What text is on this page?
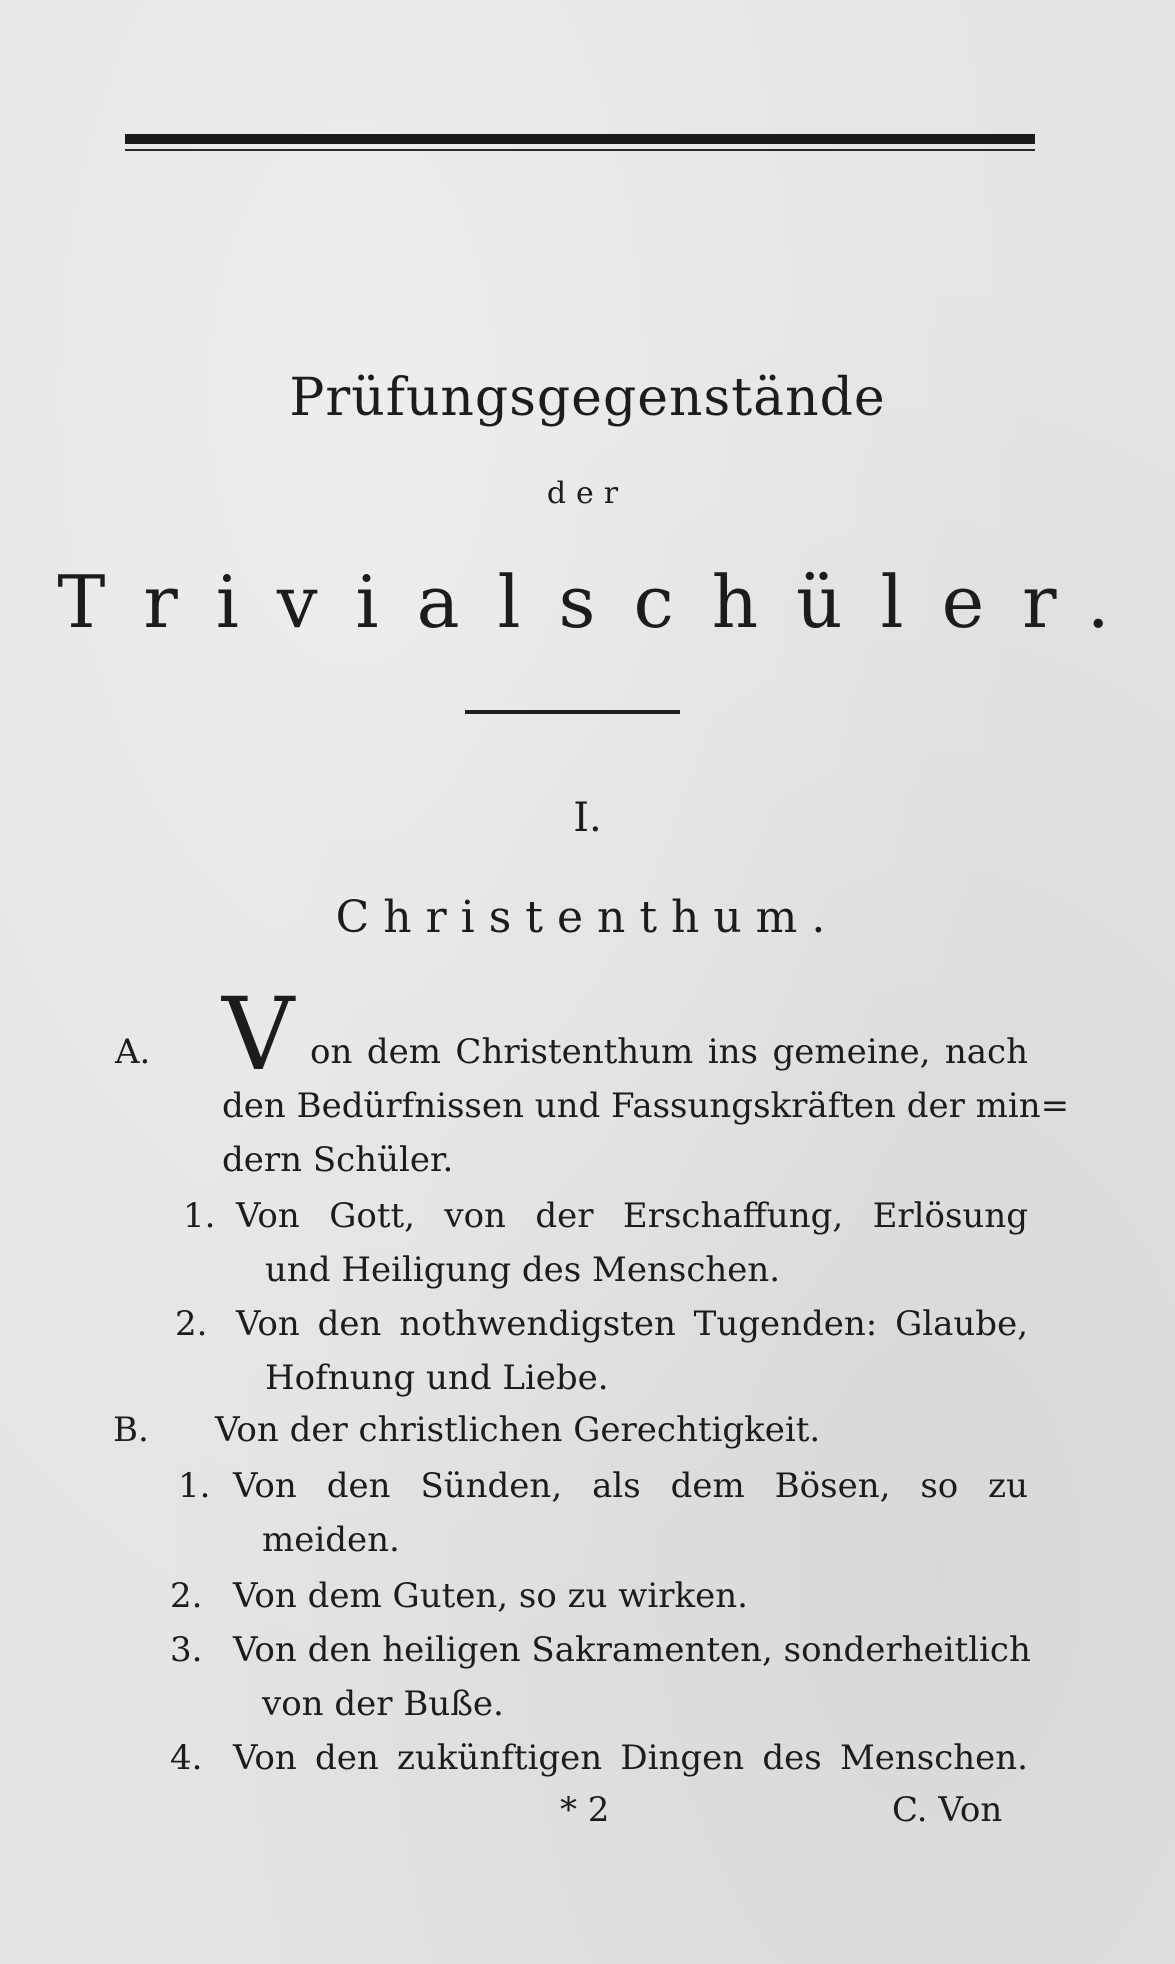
Prüfungsgegenstände
der
Trivialschüler.
I.
Christenthum.
A. V on dem Christenthum ins gemeine, nach
den Bedürfnissen und Fassungskräften der min=
dern Schüler.
1. Von Gott, von der Erschaffung, Erlösung
und Heiligung des Menschen.
2. Von den nothwendigsten Tugenden: Glaube,
Hofnung und Liebe.
B. Von der christlichen Gerechtigkeit.
1. Von den Sünden, als dem Bösen, so zu
meiden.
2. Von dem Guten, so zu wirken.
3. Von den heiligen Sakramenten, sonderheitlich
von der Buße.
4. Von den zukünftigen Dingen des Menschen.
* 2	C. Von
